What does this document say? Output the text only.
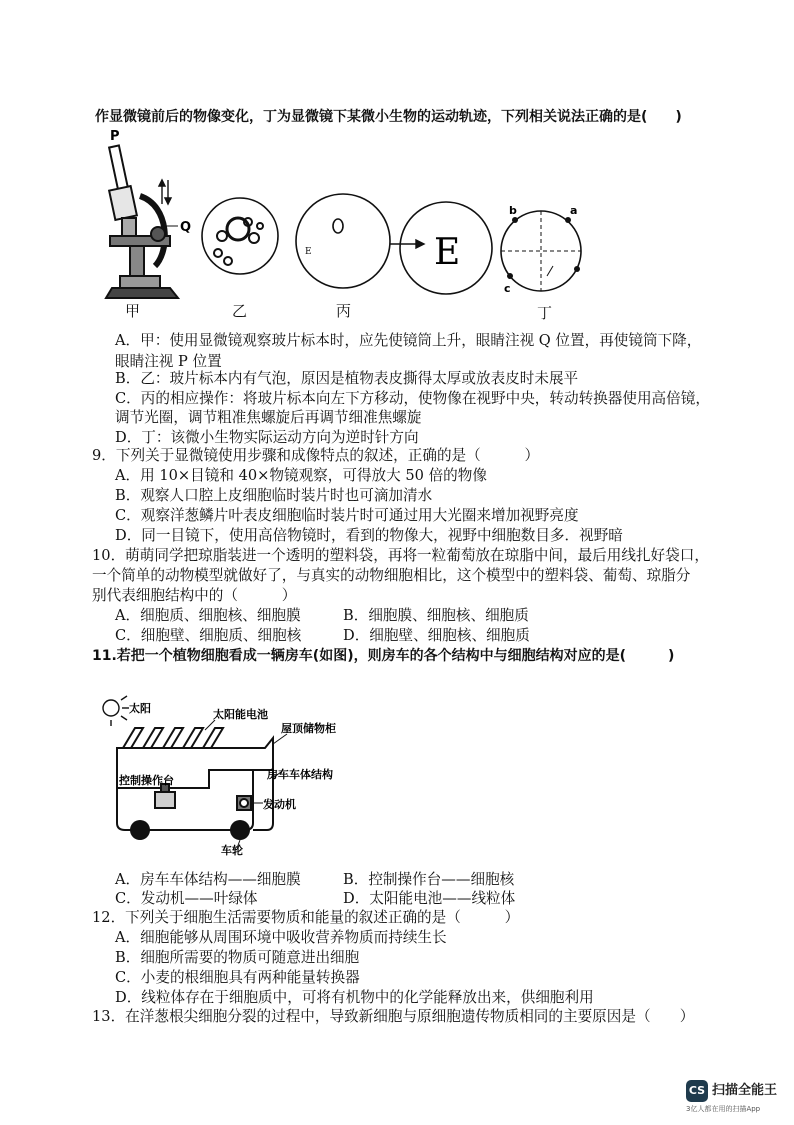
作显微镜前后的物像变化，丁为显微镜下某微小生物的运动轨迹，下列相关说法正确的是(　　)
P
Q
E	E
b	a
c
甲	乙	丙	丁
A．甲：使用显微镜观察玻片标本时，应先使镜筒上升，眼睛注视 Q 位置，再使镜筒下降，
眼睛注视 P 位置
B．乙：玻片标本内有气泡，原因是植物表皮撕得太厚或放表皮时未展平
C．丙的相应操作：将玻片标本向左下方移动，使物像在视野中央，转动转换器使用高倍镜，
调节光圈，调节粗准焦螺旋后再调节细准焦螺旋
D．丁：该微小生物实际运动方向为逆时针方向
9．下列关于显微镜使用步骤和成像特点的叙述，正确的是（　　　）
A．用 10×目镜和 40×物镜观察，可得放大 50 倍的物像
B．观察人口腔上皮细胞临时装片时也可滴加清水
C．观察洋葱鳞片叶表皮细胞临时装片时可通过用大光圈来增加视野亮度
D．同一目镜下，使用高倍物镜时，看到的物像大，视野中细胞数目多．视野暗
10．萌萌同学把琼脂装进一个透明的塑料袋，再将一粒葡萄放在琼脂中间，最后用线扎好袋口，
一个简单的动物模型就做好了，与真实的动物细胞相比，这个模型中的塑料袋、葡萄、琼脂分
别代表细胞结构中的（　　　）
A．细胞质、细胞核、细胞膜	B．细胞膜、细胞核、细胞质
C．细胞壁、细胞质、细胞核	D．细胞壁、细胞核、细胞质
11.若把一个植物细胞看成一辆房车(如图)，则房车的各个结构中与细胞结构对应的是(　　　)
太阳	太阳能电池
屋顶储物柜
房车车体结构
控制操作台
发动机
车轮
A．房车车体结构——细胞膜	B．控制操作台——细胞核
C．发动机——叶绿体	D．太阳能电池——线粒体
12．下列关于细胞生活需要物质和能量的叙述正确的是（　　　）
A．细胞能够从周围环境中吸收营养物质而持续生长
B．细胞所需要的物质可随意进出细胞
C．小麦的根细胞具有两种能量转换器
D．线粒体存在于细胞质中，可将有机物中的化学能释放出来，供细胞利用
13．在洋葱根尖细胞分裂的过程中，导致新细胞与原细胞遗传物质相同的主要原因是（　　）
CS 扫描全能王
3亿人都在用的扫描App
